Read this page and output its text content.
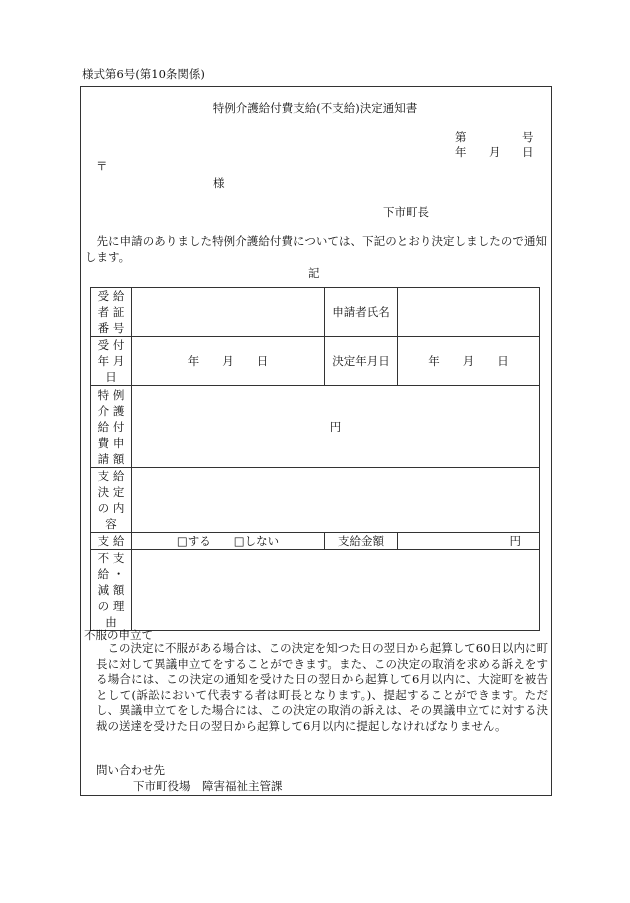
様式第6号(第10条関係)
特例介護給付費支給(不支給)決定通知書
第	号
年 月 日
〒
様
下市町長
先に申請のありました特例介護給付費については、下記のとおり決定しましたので通知します。
記
受 給
者 証
番 号		申請者氏名	

受 付
年 月
日	年　　月　　日	決定年月日	年　　月　　日

特 例
介 護
給 付
費 申
請 額	円		

支 給
決 定
の 内
容			

支 給	□する　　□しない	支給金額	円

不 支
給 ・
減 額
の 理
由			

不服の申立て
この決定に不服がある場合は、この決定を知つた日の翌日から起算して60日以内に町長に対して異議申立てをすることができます。また、この決定の取消を求める訴えをする場合には、この決定の通知を受けた日の翌日から起算して6月以内に、大淀町を被告として(訴訟において代表する者は町長となります。)、提起することができます。ただし、異議申立てをした場合には、この決定の取消の訴えは、その異議申立てに対する決裁の送達を受けた日の翌日から起算して6月以内に提起しなければなりません。
問い合わせ先
下市町役場　障害福祉主管課
